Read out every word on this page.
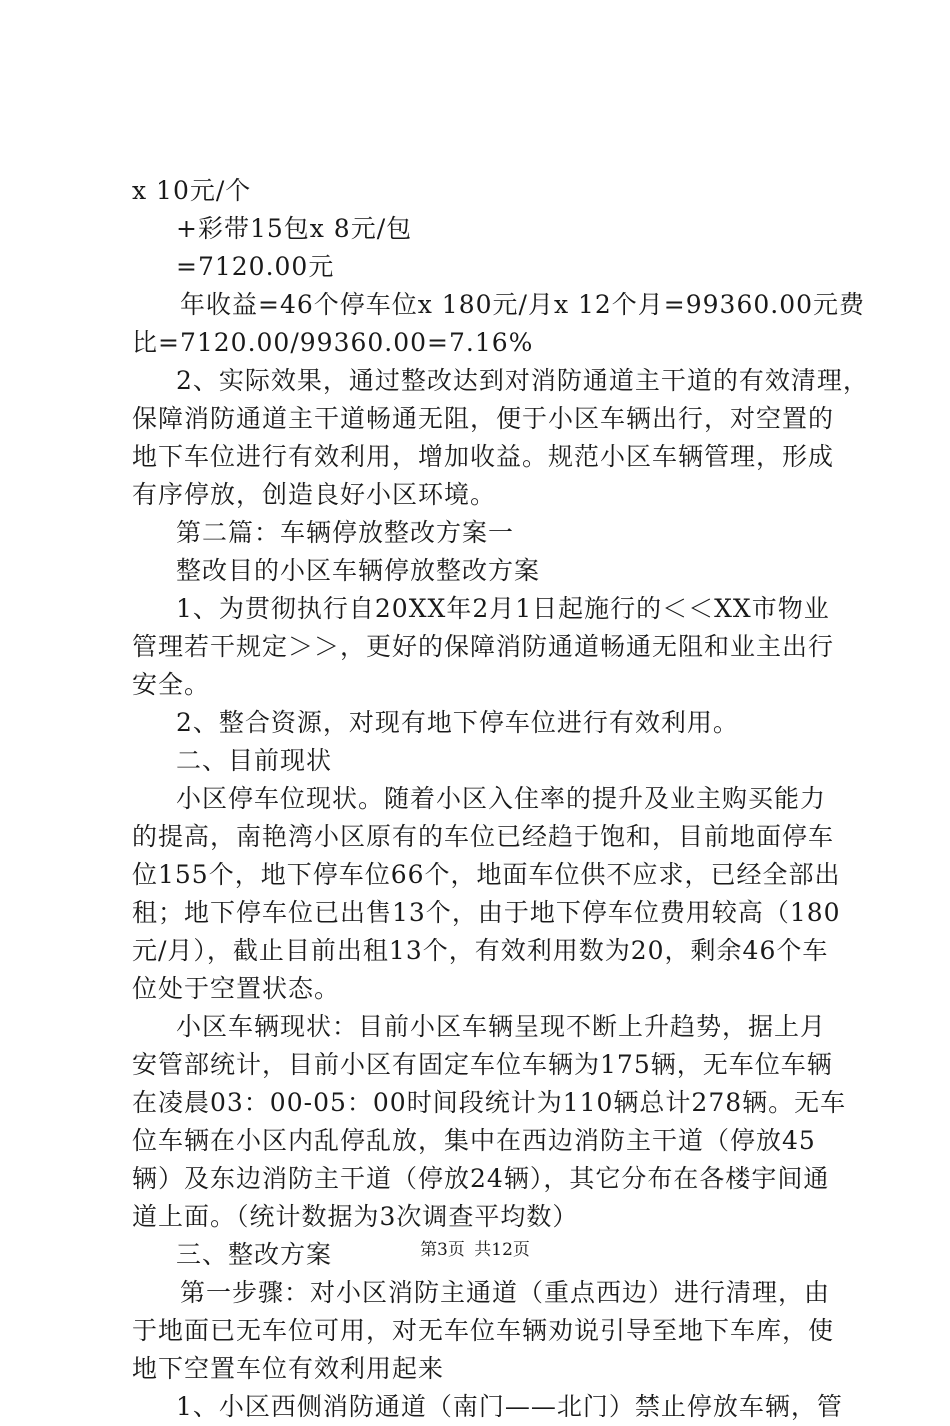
x 10元/个

+彩带15包x 8元/包

=7120.00元

年收益=46个停车位x 180元/月x 12个月=99360.00元费

比=7120.00/99360.00=7.16%

2、实际效果，通过整改达到对消防通道主干道的有效清理，

保障消防通道主干道畅通无阻，便于小区车辆出行，对空置的

地下车位进行有效利用，增加收益。规范小区车辆管理，形成

有序停放，创造良好小区环境。

第二篇：车辆停放整改方案一

整改目的小区车辆停放整改方案

1、为贯彻执行自20XX年2月1日起施行的＜＜XX市物业

管理若干规定＞＞，更好的保障消防通道畅通无阻和业主出行

安全。

2、整合资源，对现有地下停车位进行有效利用。

二、目前现状

小区停车位现状。随着小区入住率的提升及业主购买能力

的提高，南艳湾小区原有的车位已经趋于饱和，目前地面停车

位155个，地下停车位66个，地面车位供不应求，已经全部出

租；地下停车位已出售13个，由于地下停车位费用较高（180

元/月），截止目前出租13个，有效利用数为20，剩余46个车

位处于空置状态。

小区车辆现状：目前小区车辆呈现不断上升趋势，据上月

安管部统计，目前小区有固定车位车辆为175辆，无车位车辆

在凌晨03：00-05：00时间段统计为110辆总计278辆。无车

位车辆在小区内乱停乱放，集中在西边消防主干道（停放45

辆）及东边消防主干道（停放24辆），其它分布在各楼宇间通

道上面。（统计数据为3次调查平均数）

三、整改方案

第一步骤：对小区消防主通道（重点西边）进行清理，由

于地面已无车位可用，对无车位车辆劝说引导至地下车库，使

地下空置车位有效利用起来

1、小区西侧消防通道（南门——北门）禁止停放车辆，管

第3页 共12页
